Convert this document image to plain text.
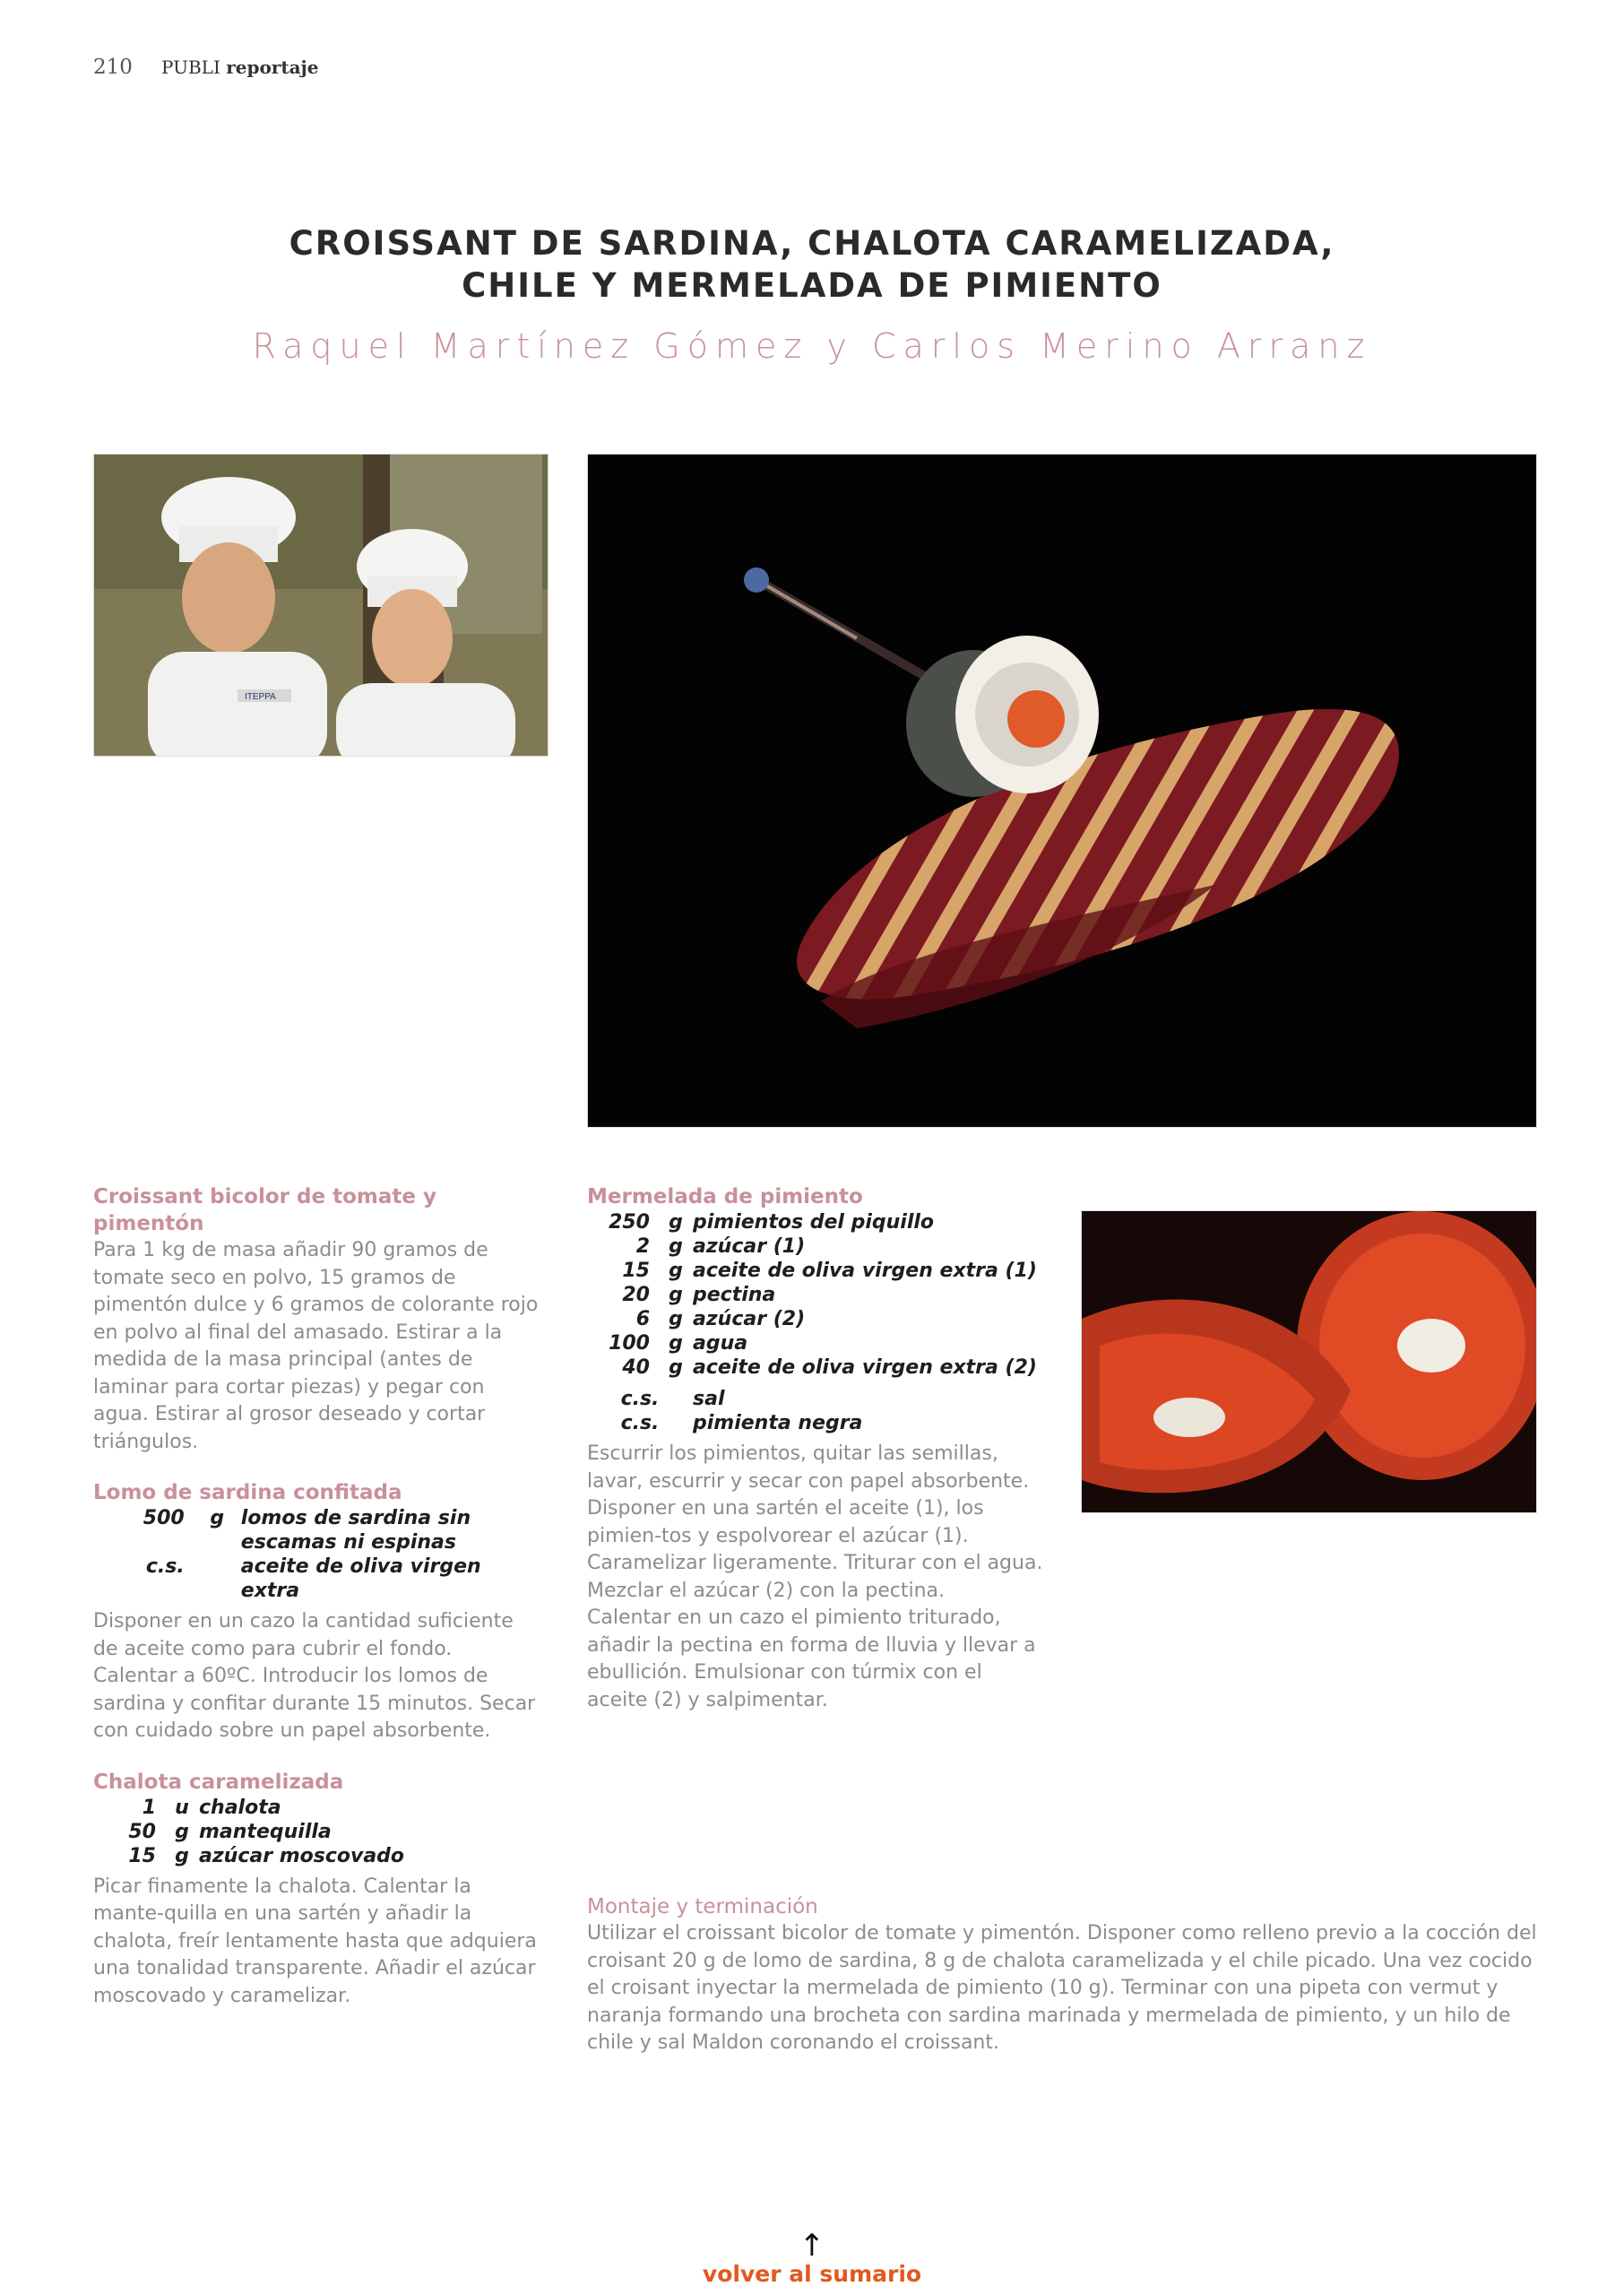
210 PUBLI reportaje
CROISSANT DE SARDINA, CHALOTA CARAMELIZADA,
CHILE Y MERMELADA DE PIMIENTO
Raquel Martínez Gómez y Carlos Merino Arranz
ITEPPA
Croissant bicolor de tomate y pimentón
Para 1 kg de masa añadir 90 gramos de tomate seco en polvo, 15 gramos de pimentón dulce y 6 gramos de colorante rojo en polvo al final del amasado. Estirar a la medida de la masa principal (antes de laminar para cortar piezas) y pegar con agua. Estirar al grosor deseado y cortar triángulos.
Lomo de sardina confitada
500	g	lomos de sardina sin escamas ni espinas
c.s.		aceite de oliva virgen extra
Disponer en un cazo la cantidad suficiente de aceite como para cubrir el fondo. Calentar a 60ºC. Introducir los lomos de sardina y confitar durante 15 minutos. Secar con cuidado sobre un papel absorbente.
Chalota caramelizada
1	u	chalota
50	g	mantequilla
15	g	azúcar moscovado
Picar finamente la chalota. Calentar la mante-quilla en una sartén y añadir la chalota, freír lentamente hasta que adquiera una tonalidad transparente. Añadir el azúcar moscovado y caramelizar.
Mermelada de pimiento
250	g	pimientos del piquillo
2	g	azúcar (1)
15	g	aceite de oliva virgen extra (1)
20	g	pectina
6	g	azúcar (2)
100	g	agua
40	g	aceite de oliva virgen extra (2)

c.s.		sal
c.s.		pimienta negra
Escurrir los pimientos, quitar las semillas, lavar, escurrir y secar con papel absorbente. Disponer en una sartén el aceite (1), los pimien-tos y espolvorear el azúcar (1). Caramelizar ligeramente. Triturar con el agua. Mezclar el azúcar (2) con la pectina.
Calentar en un cazo el pimiento triturado, añadir la pectina en forma de lluvia y llevar a ebullición. Emulsionar con túrmix con el aceite (2) y salpimentar.
Montaje y terminación
Utilizar el croissant bicolor de tomate y pimentón. Disponer como relleno previo a la cocción del croisant 20 g de lomo de sardina, 8 g de chalota caramelizada y el chile picado. Una vez cocido el croisant inyectar la mermelada de pimiento (10 g). Terminar con una pipeta con vermut y naranja formando una brocheta con sardina marinada y mermelada de pimiento, y un hilo de chile y sal Maldon coronando el croissant.
↑
volver al sumario
